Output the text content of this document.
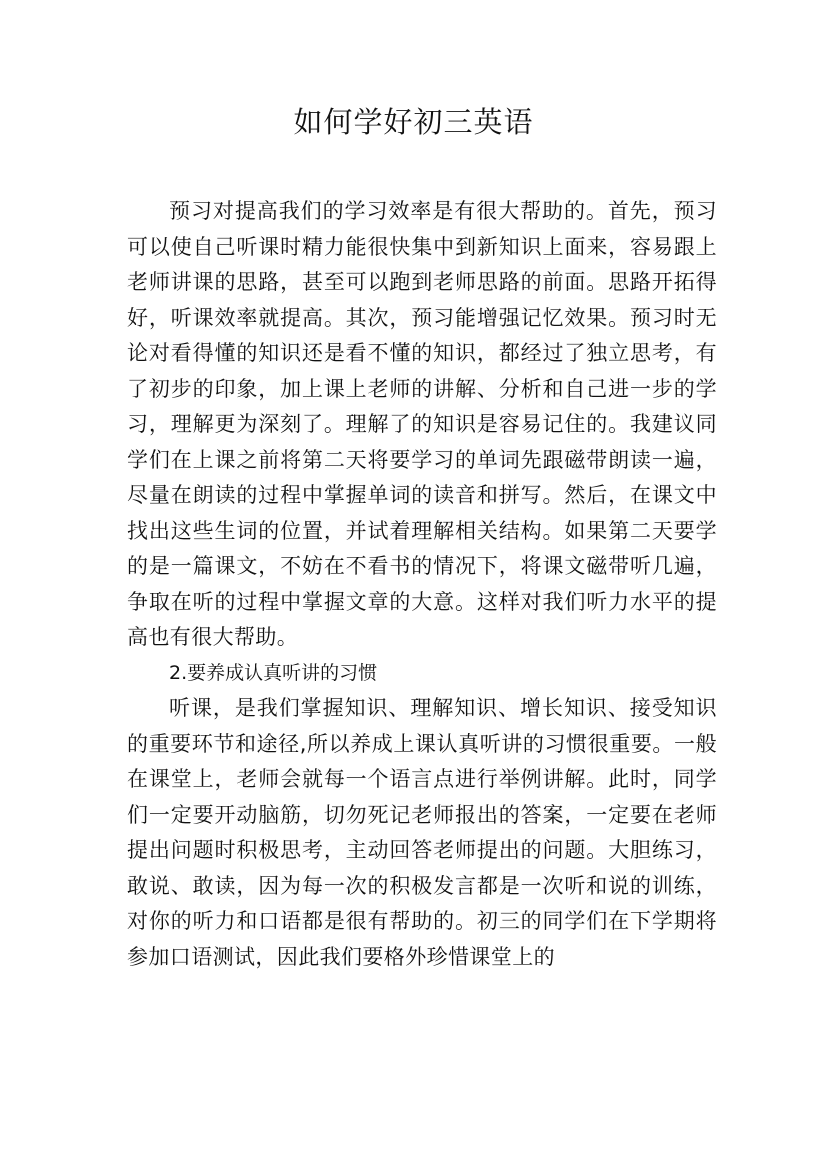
如何学好初三英语

预习对提高我们的学习效率是有很大帮助的。首先，预习可以使自己听课时精力能很快集中到新知识上面来，容易跟上老师讲课的思路，甚至可以跑到老师思路的前面。思路开拓得好，听课效率就提高。其次，预习能增强记忆效果。预习时无论对看得懂的知识还是看不懂的知识，都经过了独立思考，有了初步的印象，加上课上老师的讲解、分析和自己进一步的学习，理解更为深刻了。理解了的知识是容易记住的。我建议同学们在上课之前将第二天将要学习的单词先跟磁带朗读一遍，尽量在朗读的过程中掌握单词的读音和拼写。然后，在课文中找出这些生词的位置，并试着理解相关结构。如果第二天要学的是一篇课文，不妨在不看书的情况下，将课文磁带听几遍，争取在听的过程中掌握文章的大意。这样对我们听力水平的提高也有很大帮助。

2.要养成认真听讲的习惯

听课，是我们掌握知识、理解知识、增长知识、接受知识的重要环节和途径,所以养成上课认真听讲的习惯很重要。一般在课堂上，老师会就每一个语言点进行举例讲解。此时，同学们一定要开动脑筋，切勿死记老师报出的答案，一定要在老师提出问题时积极思考，主动回答老师提出的问题。大胆练习，敢说、敢读，因为每一次的积极发言都是一次听和说的训练，对你的听力和口语都是很有帮助的。初三的同学们在下学期将参加口语测试，因此我们要格外珍惜课堂上的
